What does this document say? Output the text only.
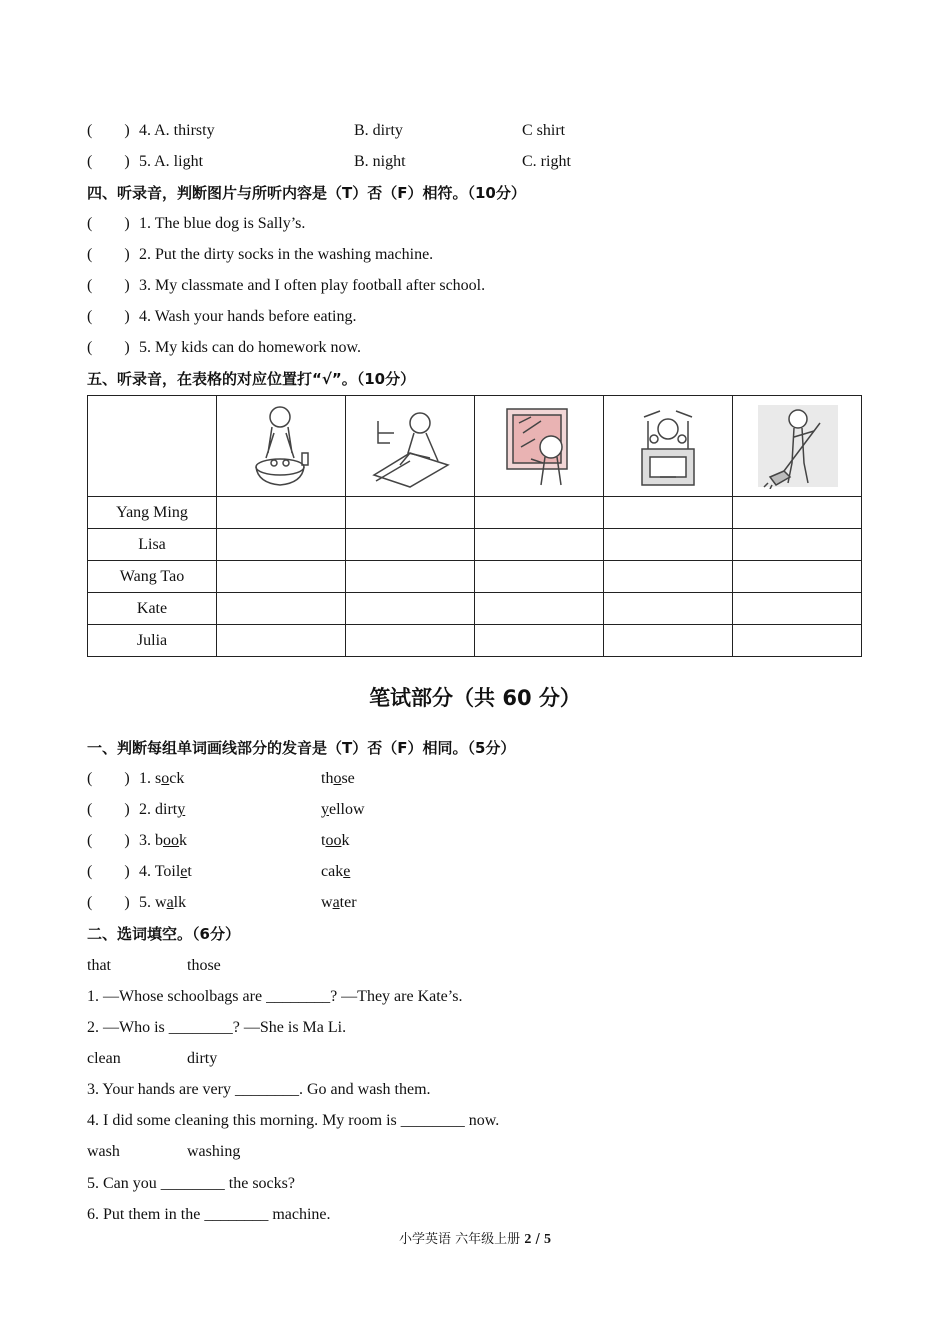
(　　) 4. A. thirsty	B. dirty	C shirt
(　　) 5. A. light	B. night	C. right
四、听录音，判断图片与所听内容是（T）否（F）相符。（10分）
(　　) 1. The blue dog is Sally’s.
(　　) 2. Put the dirty socks in the washing machine.
(　　) 3. My classmate and I often play football after school.
(　　) 4. Wash your hands before eating.
(　　) 5. My kids can do homework now.
五、听录音，在表格的对应位置打“√”。（10分）

Yang Ming					
Lisa					
Wang Tao					
Kate					
Julia					
笔试部分（共 60 分）
一、判断每组单词画线部分的发音是（T）否（F）相同。（5分）
(　　) 1. sock	those
(　　) 2. dirty	yellow
(　　) 3. book	took
(　　) 4. Toilet	cake
(　　) 5. walk	water
二、选词填空。（6分）
that	those
1. —Whose schoolbags are ________? —They are Kate’s.
2. —Who is ________? —She is Ma Li.
clean	dirty
3. Your hands are very ________. Go and wash them.
4. I did some cleaning this morning. My room is ________ now.
wash	washing
5. Can you ________ the socks?
6. Put them in the ________ machine.
小学英语 六年级上册 2 / 5
